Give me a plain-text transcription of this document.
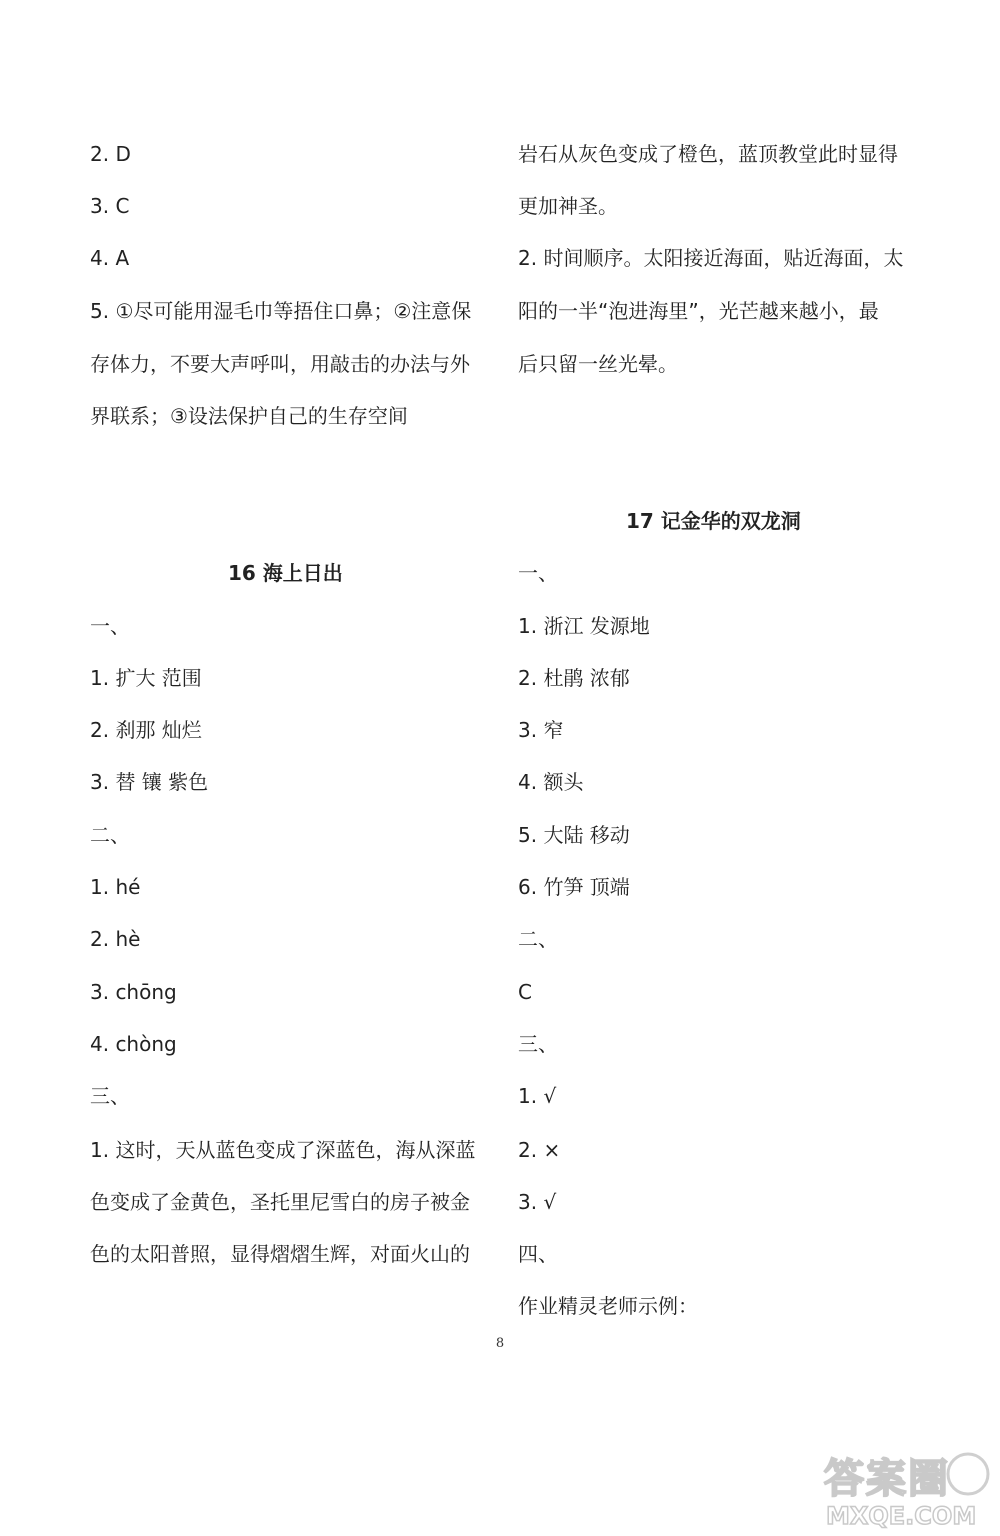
2. D
3. C
4. A
5. ①尽可能用湿毛巾等捂住口鼻；②注意保
存体力，不要大声呼叫，用敲击的办法与外
界联系；③设法保护自己的生存空间
16 海上日出
一、
1. 扩大 范围
2. 刹那 灿烂
3. 替 镶 紫色
二、
1. hé
2. hè
3. chōng
4. chòng
三、
1. 这时，天从蓝色变成了深蓝色，海从深蓝
色变成了金黄色，圣托里尼雪白的房子被金
色的太阳普照，显得熠熠生辉，对面火山的
岩石从灰色变成了橙色，蓝顶教堂此时显得
更加神圣。
2. 时间顺序。太阳接近海面，贴近海面，太
阳的一半“泡进海里”，光芒越来越小，最
后只留一丝光晕。
17 记金华的双龙洞
一、
1. 浙江 发源地
2. 杜鹃 浓郁
3. 窄
4. 额头
5. 大陆 移动
6. 竹笋 顶端
二、
C
三、
1. √
2. ×
3. √
四、
作业精灵老师示例：
8
答案圈
MXQE.COM
